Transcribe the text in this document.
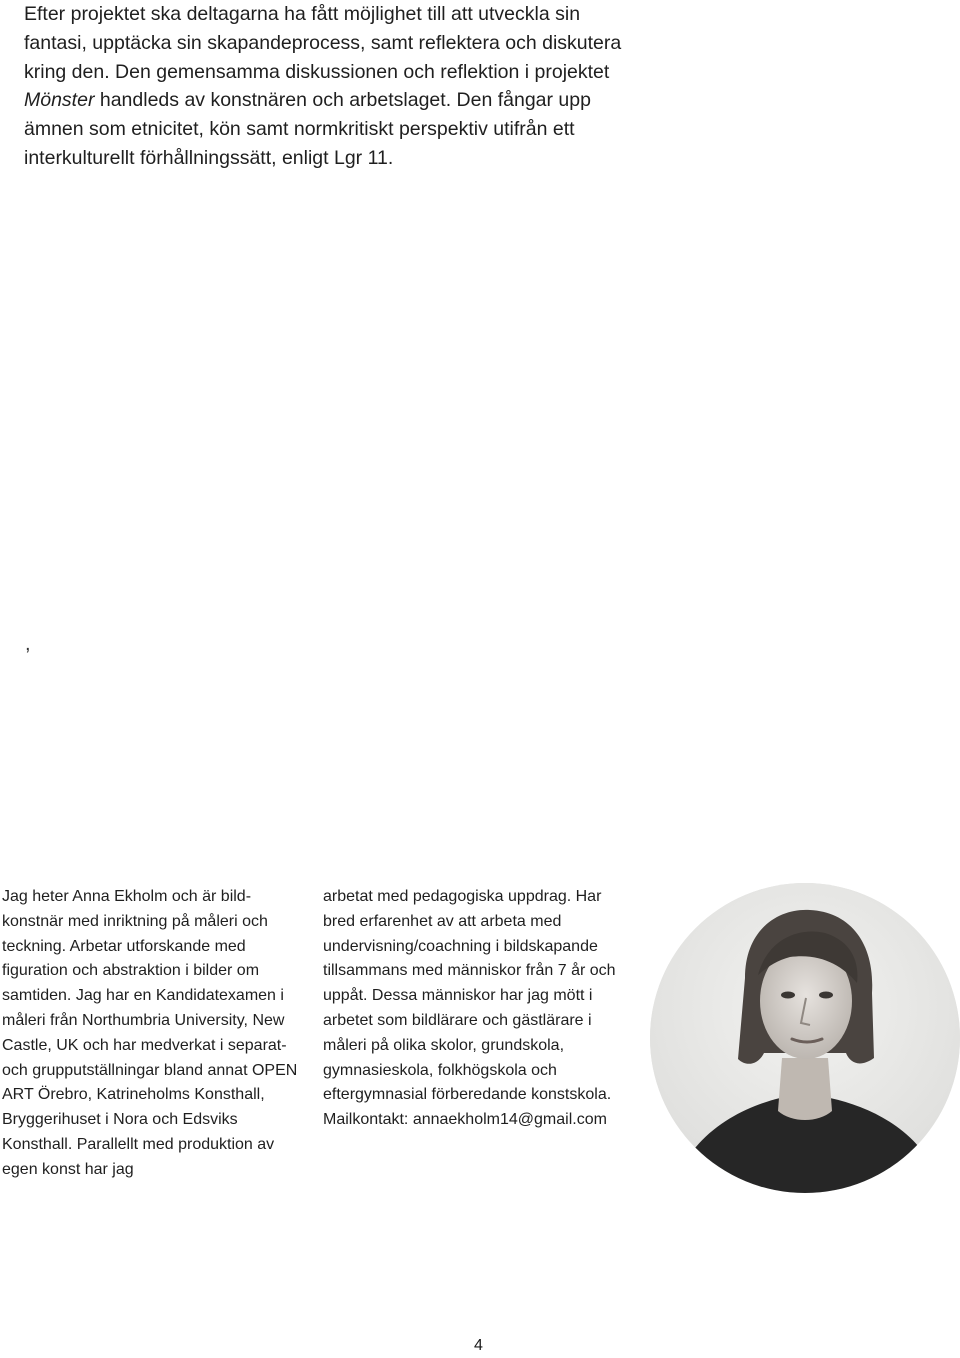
Efter projektet ska deltagarna ha fått möjlighet till att utveckla sin fantasi, upptäcka sin skapandeprocess, samt reflektera och diskutera kring den. Den gemensamma diskussionen och reflektion i projektet Mönster handleds av konstnären och arbetslaget. Den fångar upp ämnen som etnicitet, kön samt normkritiskt perspektiv utifrån ett interkulturellt förhållningssätt, enligt Lgr 11.

,

Jag heter Anna Ekholm och är bild-konstnär med inriktning på måleri och teckning. Arbetar utforskande med figuration och abstraktion i bilder om samtiden. Jag har en Kandidatexamen i måleri från Northumbria University, New Castle, UK och har medverkat i separat- och grupputställningar bland annat OPEN ART Örebro, Katrineholms Konsthall, Bryggerihuset i Nora och Edsviks Konsthall. Parallellt med produktion av egen konst har jag

arbetat med pedagogiska uppdrag. Har bred erfarenhet av att arbeta med undervisning/coachning i bildskapande tillsammans med människor från 7 år och uppåt. Dessa människor har jag mött i arbetet som bildlärare och gästlärare i måleri på olika skolor, grundskola, gymnasieskola, folkhögskola och eftergymnasial förberedande konstskola. Mailkontakt: annaekholm14@gmail.com

4
